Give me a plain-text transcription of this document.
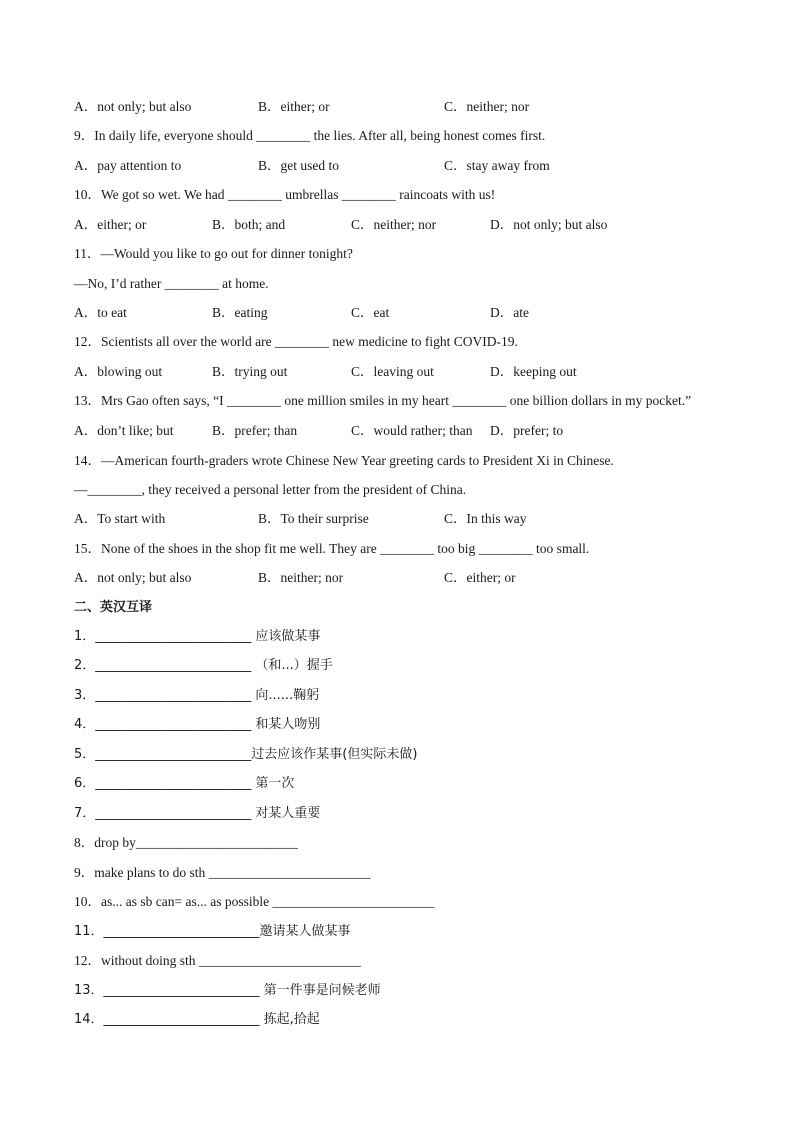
A．not only; but also	B．either; or	C．neither; nor
9．In daily life, everyone should ________ the lies. After all, being honest comes first.
A．pay attention to	B．get used to	C．stay away from
10．We got so wet. We had ________ umbrellas ________ raincoats with us!
A．either; or	B．both; and	C．neither; nor	D．not only; but also
11．—Would you like to go out for dinner tonight?
—No, I’d rather ________ at home.
A．to eat	B．eating	C．eat	D．ate
12．Scientists all over the world are ________ new medicine to fight COVID-19.
A．blowing out	B．trying out	C．leaving out	D．keeping out
13．Mrs Gao often says, “I ________ one million smiles in my heart ________ one billion dollars in my pocket.”
A．don’t like; but	B．prefer; than	C．would rather; than D．prefer; to
14．—American fourth-graders wrote Chinese New Year greeting cards to President Xi in Chinese.
—________, they received a personal letter from the president of China.
A．To start with	B．To their surprise	C．In this way
15．None of the shoes in the shop fit me well. They are ________ too big ________ too small.
A．not only; but also	B．neither; nor	C．either; or
二、英汉互译
1．________________________ 应该做某事
2．________________________ （和...）握手
3．________________________ 向......鞠躬
4．________________________ 和某人吻别
5．________________________过去应该作某事(但实际未做)
6．________________________ 第一次
7．________________________ 对某人重要
8．drop by________________________
9．make plans to do sth ________________________
10．as... as sb can= as... as possible ________________________
11．________________________邀请某人做某事
12．without doing sth ________________________
13．________________________ 第一件事是问候老师
14．________________________ 拣起,拾起
